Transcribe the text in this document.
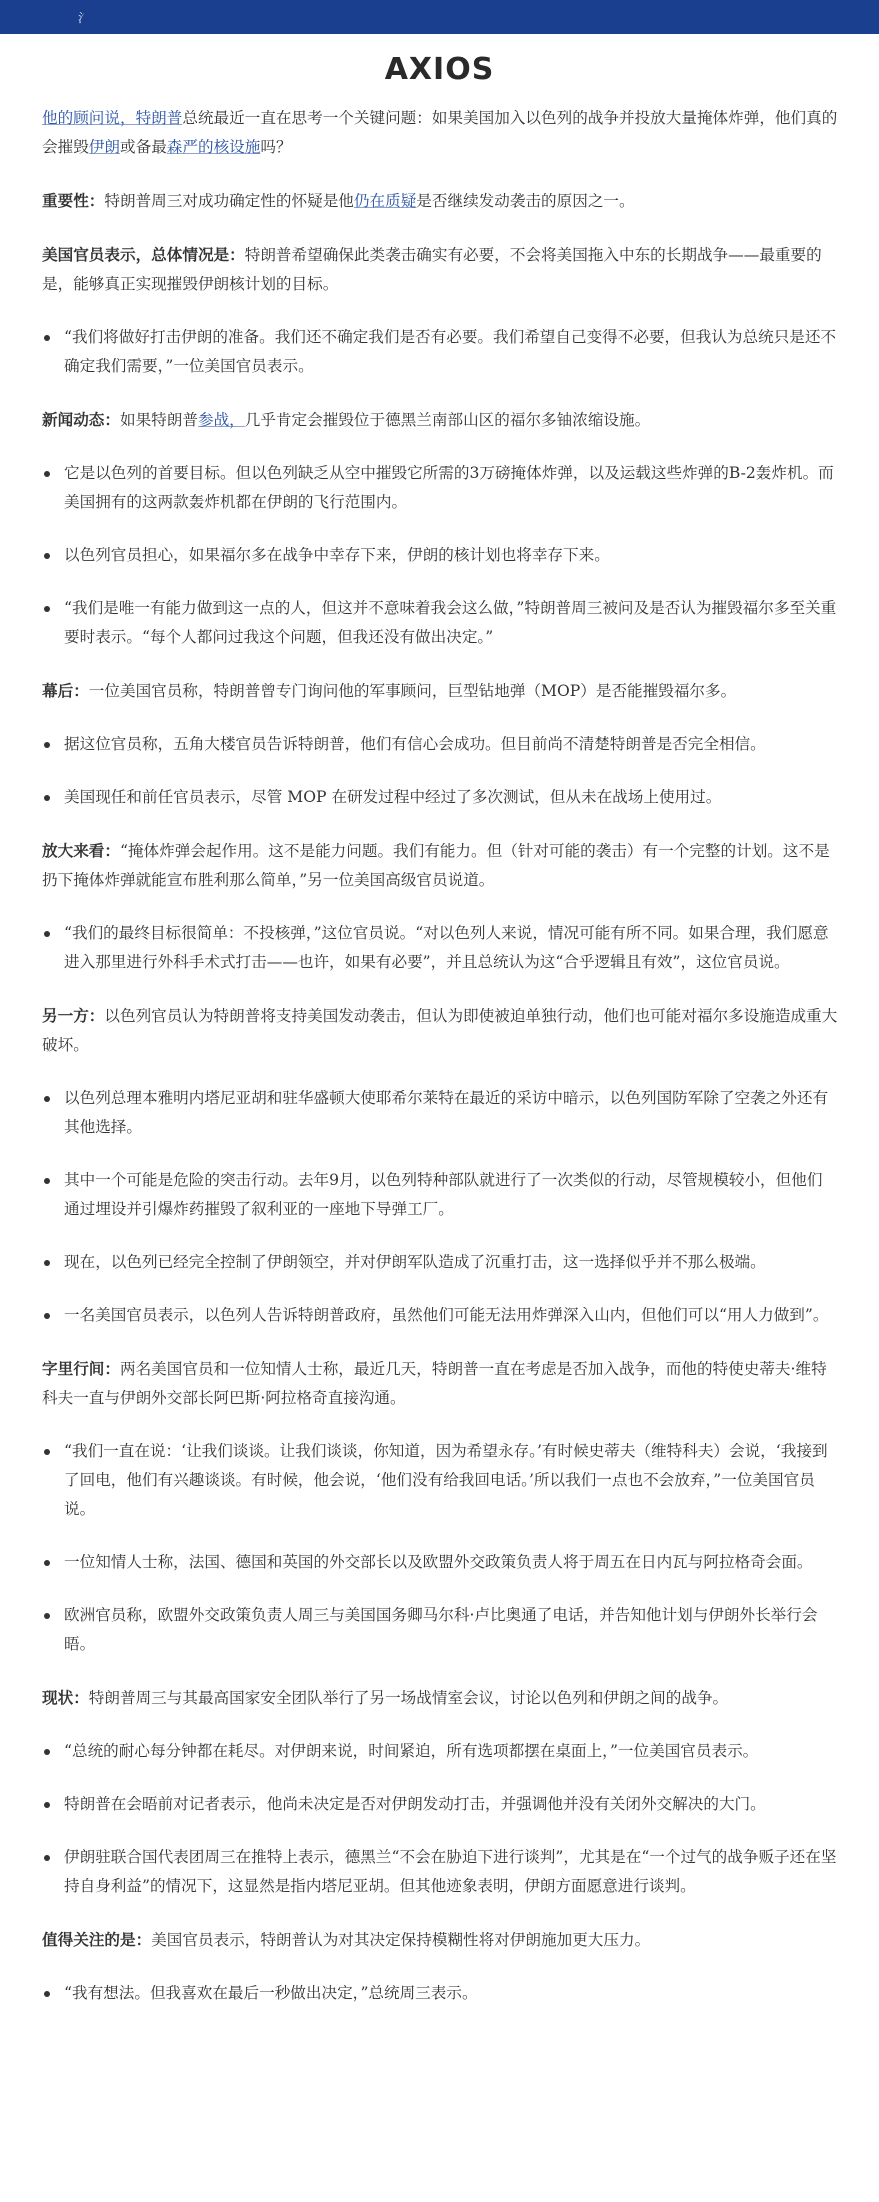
氵
AXIOS

他的顾问说，特朗普总统最近一直在思考一个关键问题：如果美国加入以色列的战争并投放大量掩体炸弹，他们真的会摧毁伊朗或备最森严的核设施吗？

重要性：特朗普周三对成功确定性的怀疑是他仍在质疑是否继续发动袭击的原因之一。

美国官员表示，总体情况是：特朗普希望确保此类袭击确实有必要，不会将美国拖入中东的长期战争——最重要的是，能够真正实现摧毁伊朗核计划的目标。

“我们将做好打击伊朗的准备。我们还不确定我们是否有必要。我们希望自己变得不必要，但我认为总统只是还不确定我们需要，”一位美国官员表示。

新闻动态：如果特朗普参战，几乎肯定会摧毁位于德黑兰南部山区的福尔多铀浓缩设施。

它是以色列的首要目标。但以色列缺乏从空中摧毁它所需的3万磅掩体炸弹，以及运载这些炸弹的B-2轰炸机。而美国拥有的这两款轰炸机都在伊朗的飞行范围内。
以色列官员担心，如果福尔多在战争中幸存下来，伊朗的核计划也将幸存下来。
“我们是唯一有能力做到这一点的人，但这并不意味着我会这么做，”特朗普周三被问及是否认为摧毁福尔多至关重要时表示。“每个人都问过我这个问题，但我还没有做出决定。”

幕后：一位美国官员称，特朗普曾专门询问他的军事顾问，巨型钻地弹（MOP）是否能摧毁福尔多。

据这位官员称，五角大楼官员告诉特朗普，他们有信心会成功。但目前尚不清楚特朗普是否完全相信。
美国现任和前任官员表示，尽管 MOP 在研发过程中经过了多次测试，但从未在战场上使用过。

放大来看：“掩体炸弹会起作用。这不是能力问题。我们有能力。但（针对可能的袭击）有一个完整的计划。这不是扔下掩体炸弹就能宣布胜利那么简单，”另一位美国高级官员说道。

“我们的最终目标很简单：不投核弹，”这位官员说。“对以色列人来说，情况可能有所不同。如果合理，我们愿意进入那里进行外科手术式打击——也许，如果有必要”，并且总统认为这“合乎逻辑且有效”，这位官员说。

另一方：以色列官员认为特朗普将支持美国发动袭击，但认为即使被迫单独行动，他们也可能对福尔多设施造成重大破坏。

以色列总理本雅明内塔尼亚胡和驻华盛顿大使耶希尔莱特在最近的采访中暗示，以色列国防军除了空袭之外还有其他选择。
其中一个可能是危险的突击行动。去年9月，以色列特种部队就进行了一次类似的行动，尽管规模较小，但他们通过埋设并引爆炸药摧毁了叙利亚的一座地下导弹工厂。
现在，以色列已经完全控制了伊朗领空，并对伊朗军队造成了沉重打击，这一选择似乎并不那么极端。
一名美国官员表示，以色列人告诉特朗普政府，虽然他们可能无法用炸弹深入山内，但他们可以“用人力做到”。

字里行间：两名美国官员和一位知情人士称，最近几天，特朗普一直在考虑是否加入战争，而他的特使史蒂夫·维特科夫一直与伊朗外交部长阿巴斯·阿拉格奇直接沟通。

“我们一直在说：‘让我们谈谈。让我们谈谈，你知道，因为希望永存。’有时候史蒂夫（维特科夫）会说，‘我接到了回电，他们有兴趣谈谈。有时候，他会说，‘他们没有给我回电话。’所以我们一点也不会放弃，”一位美国官员说。
一位知情人士称，法国、德国和英国的外交部长以及欧盟外交政策负责人将于周五在日内瓦与阿拉格奇会面。
欧洲官员称，欧盟外交政策负责人周三与美国国务卿马尔科·卢比奥通了电话，并告知他计划与伊朗外长举行会晤。

现状：特朗普周三与其最高国家安全团队举行了另一场战情室会议，讨论以色列和伊朗之间的战争。

“总统的耐心每分钟都在耗尽。对伊朗来说，时间紧迫，所有选项都摆在桌面上，”一位美国官员表示。
特朗普在会晤前对记者表示，他尚未决定是否对伊朗发动打击，并强调他并没有关闭外交解决的大门。
伊朗驻联合国代表团周三在推特上表示，德黑兰“不会在胁迫下进行谈判”，尤其是在“一个过气的战争贩子还在坚持自身利益”的情况下，这显然是指内塔尼亚胡。但其他迹象表明，伊朗方面愿意进行谈判。

值得关注的是：美国官员表示，特朗普认为对其决定保持模糊性将对伊朗施加更大压力。

“我有想法。但我喜欢在最后一秒做出决定，”总统周三表示。
